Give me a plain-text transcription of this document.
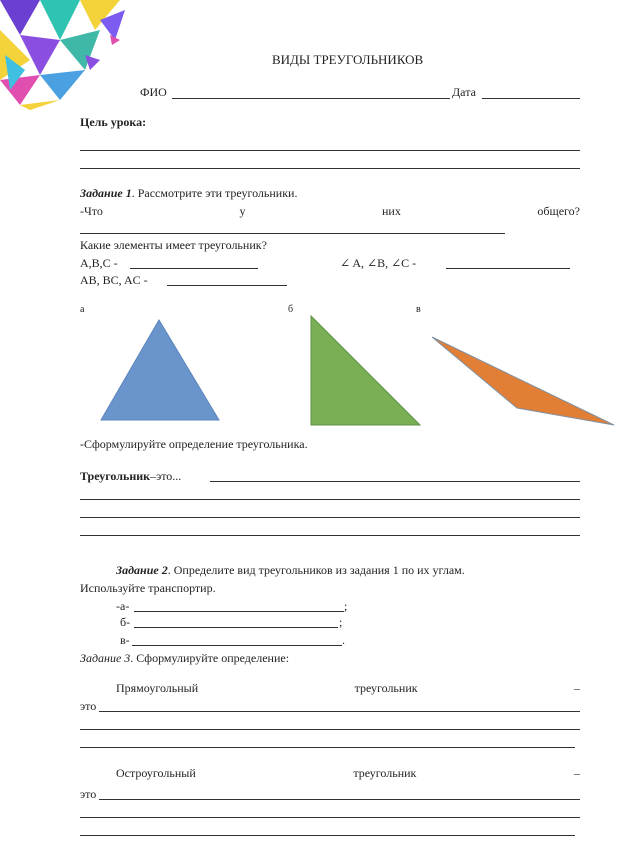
ВИДЫ ТРЕУГОЛЬНИКОВ
ФИО	Дата
Цель урока:
Задание 1. Рассмотрите эти треугольники.
-Что	у	них	общего?
Какие элементы имеет треугольник?
A,B,C -	∠ A, ∠B, ∠C -
AB, BC, AC -
а	б	в
-Сформулируйте определение треугольника.
Треугольник–это...
Задание 2. Определите вид треугольников из задания 1 по их углам.
Используйте транспортир.
-а-	;
б-	;
в-	.
Задание 3. Сформулируйте определение:
Прямоугольный	треугольник	–
это
Остроугольный	треугольник	–
это
